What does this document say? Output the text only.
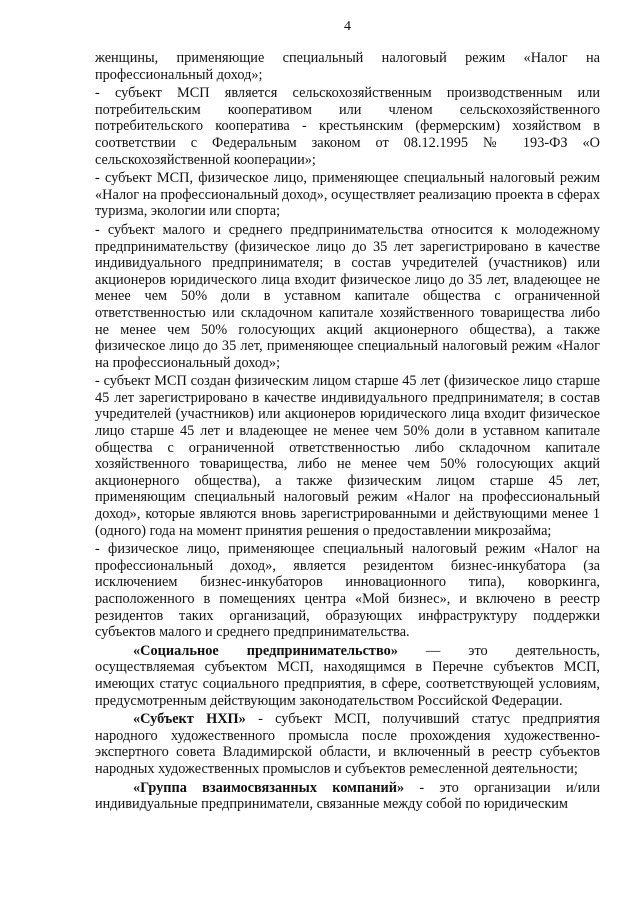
4

женщины, применяющие специальный налоговый режим «Налог на профессиональный доход»;

- субъект МСП является сельскохозяйственным производственным или потребительским кооперативом или членом сельскохозяйственного потребительского кооператива - крестьянским (фермерским) хозяйством в соответствии с Федеральным законом от 08.12.1995 № 193-ФЗ «О сельскохозяйственной кооперации»;

- субъект МСП, физическое лицо, применяющее специальный налоговый режим «Налог на профессиональный доход», осуществляет реализацию проекта в сферах туризма, экологии или спорта;

- субъект малого и среднего предпринимательства относится к молодежному предпринимательству (физическое лицо до 35 лет зарегистрировано в качестве индивидуального предпринимателя; в состав учредителей (участников) или акционеров юридического лица входит физическое лицо до 35 лет, владеющее не менее чем 50% доли в уставном капитале общества с ограниченной ответственностью или складочном капитале хозяйственного товарищества либо не менее чем 50% голосующих акций акционерного общества), а также физическое лицо до 35 лет, применяющее специальный налоговый режим «Налог на профессиональный доход»;

- субъект МСП создан физическим лицом старше 45 лет (физическое лицо старше 45 лет зарегистрировано в качестве индивидуального предпринимателя; в состав учредителей (участников) или акционеров юридического лица входит физическое лицо старше 45 лет и владеющее не менее чем 50% доли в уставном капитале общества с ограниченной ответственностью либо складочном капитале хозяйственного товарищества, либо не менее чем 50% голосующих акций акционерного общества), а также физическим лицом старше 45 лет, применяющим специальный налоговый режим «Налог на профессиональный доход», которые являются вновь зарегистрированными и действующими менее 1 (одного) года на момент принятия решения о предоставлении микрозайма;

- физическое лицо, применяющее специальный налоговый режим «Налог на профессиональный доход», является резидентом бизнес-инкубатора (за исключением бизнес-инкубаторов инновационного типа), коворкинга, расположенного в помещениях центра «Мой бизнес», и включено в реестр резидентов таких организаций, образующих инфраструктуру поддержки субъектов малого и среднего предпринимательства.

«Социальное предпринимательство» — это деятельность, осуществляемая субъектом МСП, находящимся в Перечне субъектов МСП, имеющих статус социального предприятия, в сфере, соответствующей условиям, предусмотренным действующим законодательством Российской Федерации.

«Субъект НХП» - субъект МСП, получивший статус предприятия народного художественного промысла после прохождения художественно-экспертного совета Владимирской области, и включенный в реестр субъектов народных художественных промыслов и субъектов ремесленной деятельности;

«Группа взаимосвязанных компаний» - это организации и/или индивидуальные предприниматели, связанные между собой по юридическим
